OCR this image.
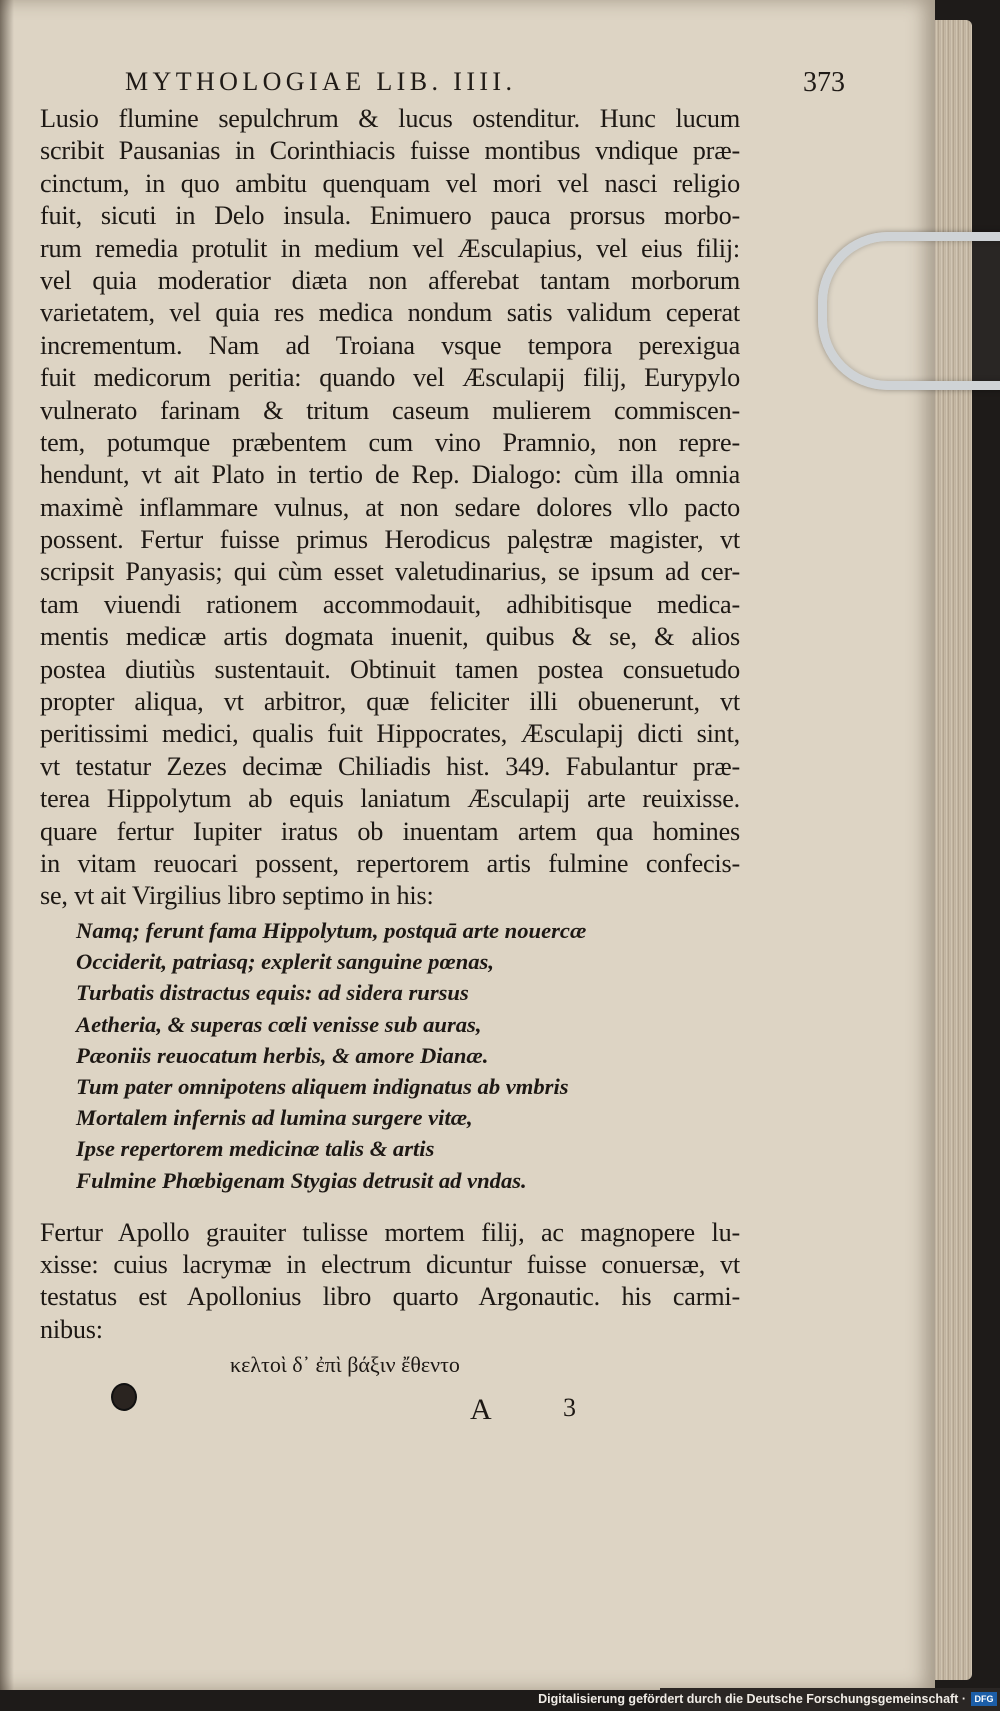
MYTHOLOGIAE LIB. IIII.	373
Lusio flumine sepulchrum & lucus ostenditur. Hunc lucum
scribit Pausanias in Corinthiacis fuisse montibus vndique præ-
cinctum, in quo ambitu quenquam vel mori vel nasci religio
fuit, sicuti in Delo insula. Enimuero pauca prorsus morbo-
rum remedia protulit in medium vel Æsculapius, vel eius filij:
vel quia moderatior diæta non afferebat tantam morborum
varietatem, vel quia res medica nondum satis validum ceperat
incrementum. Nam ad Troiana vsque tempora perexigua
fuit medicorum peritia: quando vel Æsculapij filij, Eurypylo
vulnerato farinam & tritum caseum mulierem commiscen-
tem, potumque præbentem cum vino Pramnio, non repre-
hendunt, vt ait Plato in tertio de Rep. Dialogo: cùm illa omnia
maximè inflammare vulnus, at non sedare dolores vllo pacto
possent. Fertur fuisse primus Herodicus palęstræ magister, vt
scripsit Panyasis; qui cùm esset valetudinarius, se ipsum ad cer-
tam viuendi rationem accommodauit, adhibitisque medica-
mentis medicæ artis dogmata inuenit, quibus & se, & alios
postea diutiùs sustentauit. Obtinuit tamen postea consuetudo
propter aliqua, vt arbitror, quæ feliciter illi obuenerunt, vt
peritissimi medici, qualis fuit Hippocrates, Æsculapij dicti sint,
vt testatur Zezes decimæ Chiliadis hist. 349. Fabulantur præ-
terea Hippolytum ab equis laniatum Æsculapij arte reuixisse.
quare fertur Iupiter iratus ob inuentam artem qua homines
in vitam reuocari possent, repertorem artis fulmine confecis-
se, vt ait Virgilius libro septimo in his:
Namq; ferunt fama Hippolytum, postquā arte nouercæ
Occiderit, patriasq; explerit sanguine pœnas,
Turbatis distractus equis: ad sidera rursus
Aetheria, & superas cœli venisse sub auras,
Pæoniis reuocatum herbis, & amore Dianæ.
Tum pater omnipotens aliquem indignatus ab vmbris
Mortalem infernis ad lumina surgere vitæ,
Ipse repertorem medicinæ talis & artis
Fulmine Phœbigenam Stygias detrusit ad vndas.
Fertur Apollo grauiter tulisse mortem filij, ac magnopere lu-
xisse: cuius lacrymæ in electrum dicuntur fuisse conuersæ, vt
testatus est Apollonius libro quarto Argonautic. his carmi-
nibus:
κελτοὶ δ᾽ ἐπὶ βάξιν ἔθεντο
A	3
Digitalisierung gefördert durch die Deutsche Forschungsgemeinschaft · DFG
